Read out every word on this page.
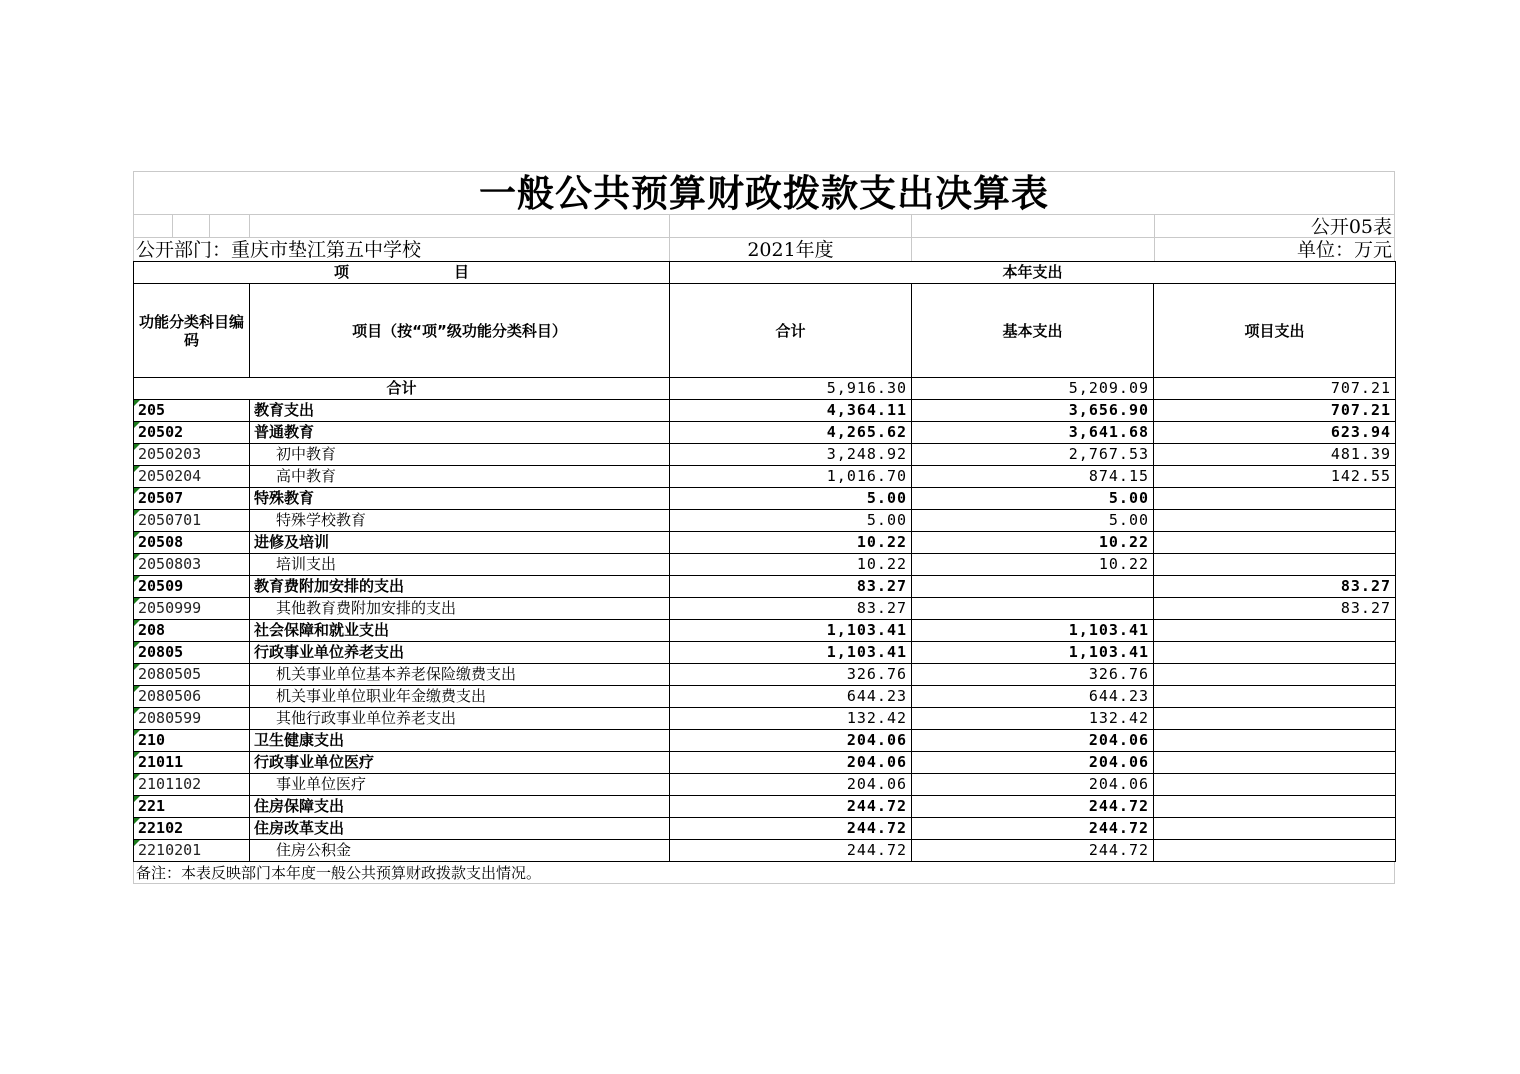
一般公共预算财政拨款支出决算表
公开05表
公开部门：重庆市垫江第五中学校	2021年度	单位：万元
项　　　　　　　目		本年支出		
功能分类科目编码	项目（按“项”级功能分类科目）	合计	基本支出	项目支出
合计		5,916.30	5,209.09	707.21
205	教育支出	4,364.11	3,656.90	707.21
20502	普通教育	4,265.62	3,641.68	623.94
2050203	初中教育	3,248.92	2,767.53	481.39
2050204	高中教育	1,016.70	874.15	142.55
20507	特殊教育	5.00	5.00	
2050701	特殊学校教育	5.00	5.00	
20508	进修及培训	10.22	10.22	
2050803	培训支出	10.22	10.22	
20509	教育费附加安排的支出	83.27		83.27
2050999	其他教育费附加安排的支出	83.27		83.27
208	社会保障和就业支出	1,103.41	1,103.41	
20805	行政事业单位养老支出	1,103.41	1,103.41	
2080505	机关事业单位基本养老保险缴费支出	326.76	326.76	
2080506	机关事业单位职业年金缴费支出	644.23	644.23	
2080599	其他行政事业单位养老支出	132.42	132.42	
210	卫生健康支出	204.06	204.06	
21011	行政事业单位医疗	204.06	204.06	
2101102	事业单位医疗	204.06	204.06	
221	住房保障支出	244.72	244.72	
22102	住房改革支出	244.72	244.72	
2210201	住房公积金	244.72	244.72	
备注：本表反映部门本年度一般公共预算财政拨款支出情况。
